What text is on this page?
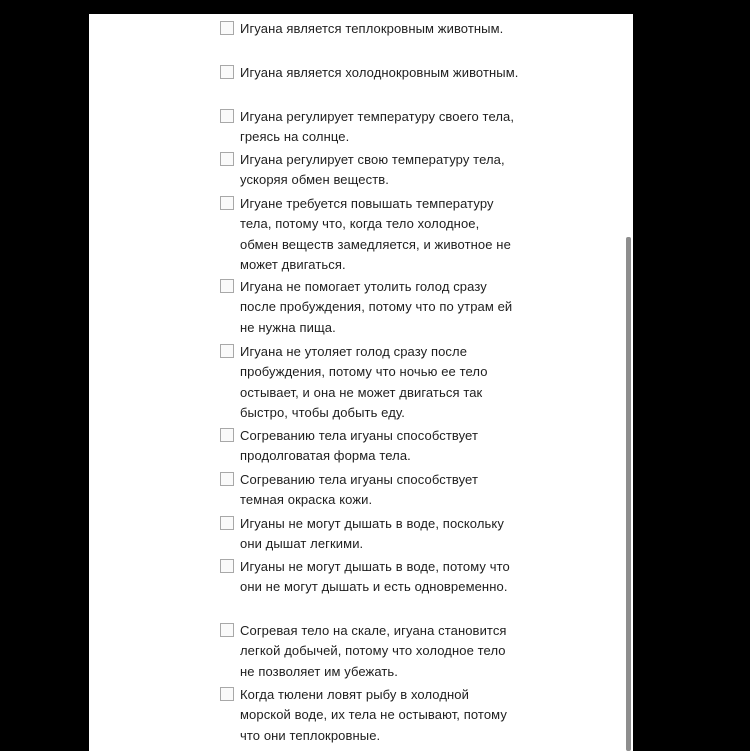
Игуана является теплокровным животным.
Игуана является холоднокровным животным.
Игуана регулирует температуру своего тела, греясь на солнце.
Игуана регулирует свою температуру тела, ускоряя обмен веществ.
Игуане требуется повышать температуру тела, потому что, когда тело холодное, обмен веществ замедляется, и животное не может двигаться.
Игуана не помогает утолить голод сразу после пробуждения, потому что по утрам ей не нужна пища.
Игуана не утоляет голод сразу после пробуждения, потому что ночью ее тело остывает, и она не может двигаться так быстро, чтобы добыть еду.
Согреванию тела игуаны способствует продолговатая форма тела.
Согреванию тела игуаны способствует темная окраска кожи.
Игуаны не могут дышать в воде, поскольку они дышат легкими.
Игуаны не могут дышать в воде, потому что они не могут дышать и есть одновременно.
Согревая тело на скале, игуана становится легкой добычей, потому что холодное тело не позволяет им убежать.
Когда тюлени ловят рыбу в холодной морской воде, их тела не остывают, потому что они теплокровные.
